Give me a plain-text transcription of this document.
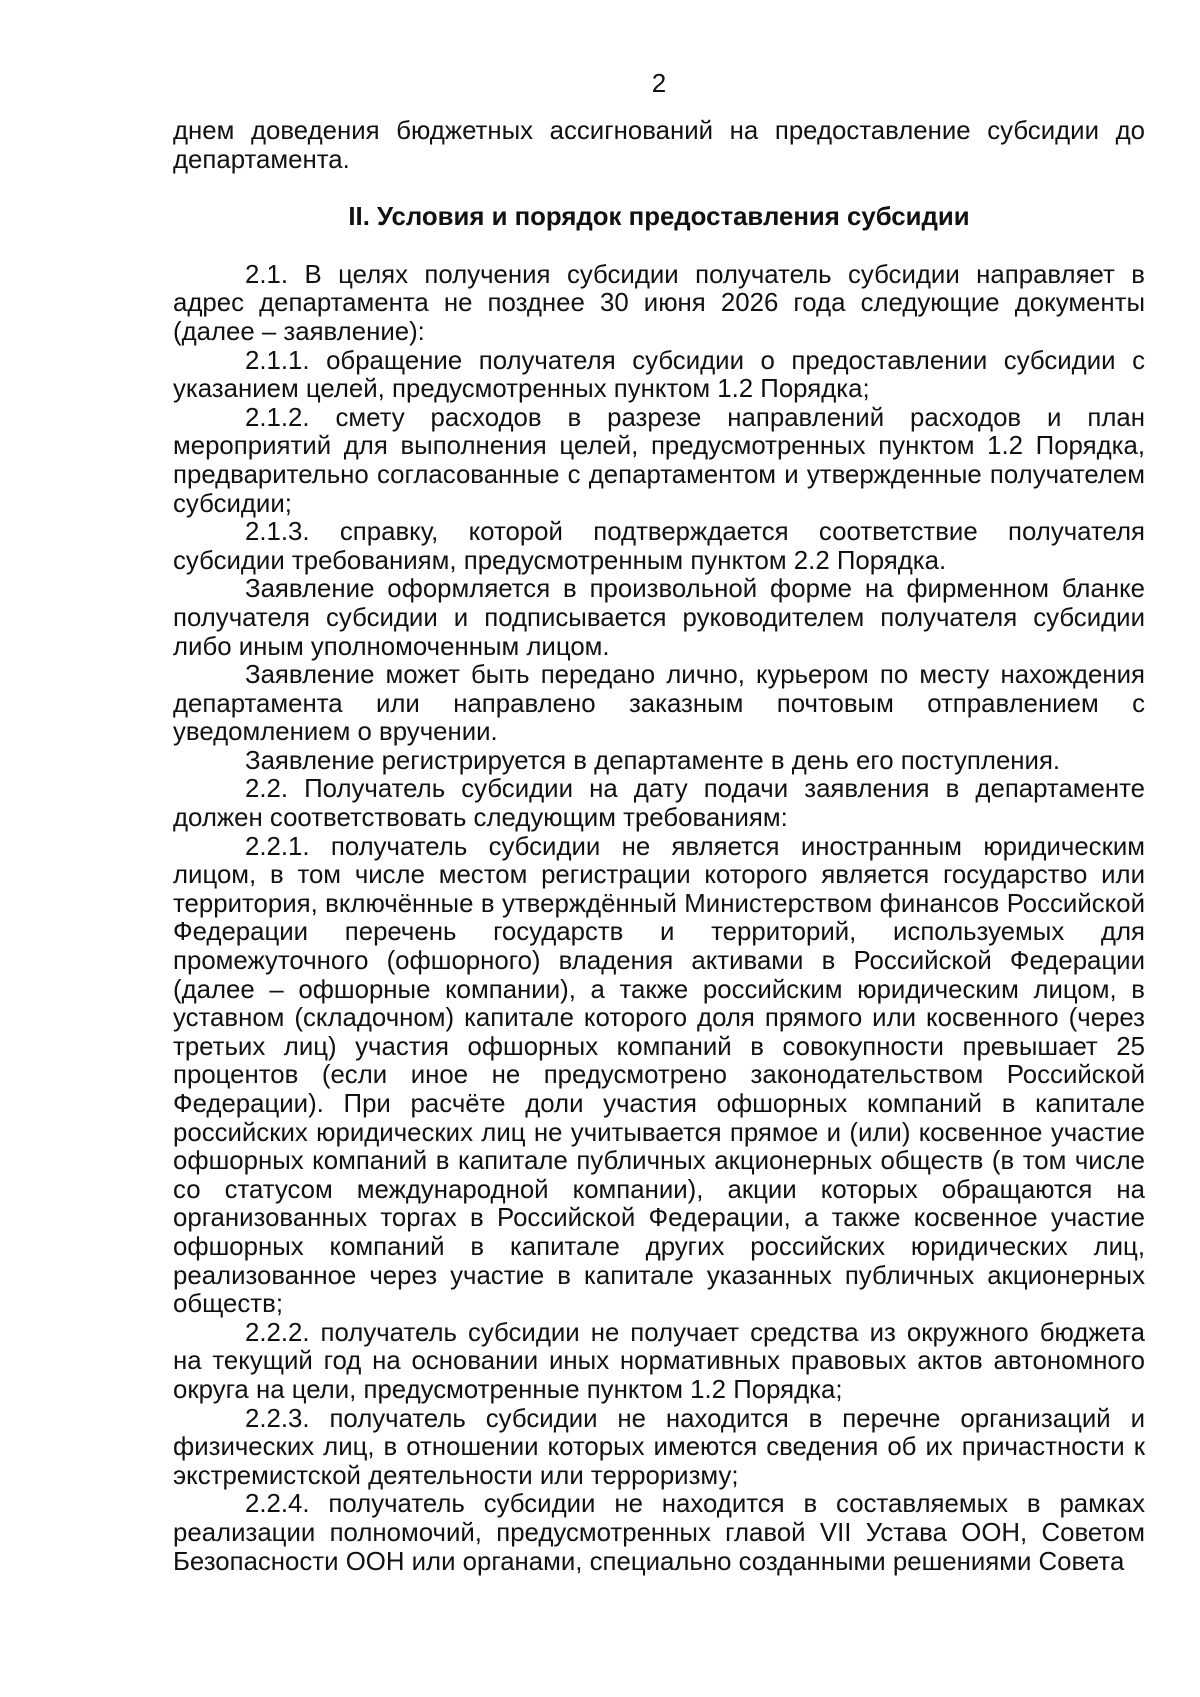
2

днем доведения бюджетных ассигнований на предоставление субсидии до департамента.

II. Условия и порядок предоставления субсидии

2.1. В целях получения субсидии получатель субсидии направляет в адрес департамента не позднее 30 июня 2026 года следующие документы (далее – заявление):

2.1.1. обращение получателя субсидии о предоставлении субсидии с указанием целей, предусмотренных пунктом 1.2 Порядка;

2.1.2. смету расходов в разрезе направлений расходов и план мероприятий для выполнения целей, предусмотренных пунктом 1.2 Порядка, предварительно согласованные с департаментом и утвержденные получателем субсидии;

2.1.3. справку, которой подтверждается соответствие получателя субсидии требованиям, предусмотренным пунктом 2.2 Порядка.

Заявление оформляется в произвольной форме на фирменном бланке получателя субсидии и подписывается руководителем получателя субсидии либо иным уполномоченным лицом.

Заявление может быть передано лично, курьером по месту нахождения департамента или направлено заказным почтовым отправлением с уведомлением о вручении.

Заявление регистрируется в департаменте в день его поступления.

2.2. Получатель субсидии на дату подачи заявления в департаменте должен соответствовать следующим требованиям:

2.2.1. получатель субсидии не является иностранным юридическим лицом, в том числе местом регистрации которого является государство или территория, включённые в утверждённый Министерством финансов Российской Федерации перечень государств и территорий, используемых для промежуточного (офшорного) владения активами в Российской Федерации (далее – офшорные компании), а также российским юридическим лицом, в уставном (складочном) капитале которого доля прямого или косвенного (через третьих лиц) участия офшорных компаний в совокупности превышает 25 процентов (если иное не предусмотрено законодательством Российской Федерации). При расчёте доли участия офшорных компаний в капитале российских юридических лиц не учитывается прямое и (или) косвенное участие офшорных компаний в капитале публичных акционерных обществ (в том числе со статусом международной компании), акции которых обращаются на организованных торгах в Российской Федерации, а также косвенное участие офшорных компаний в капитале других российских юридических лиц, реализованное через участие в капитале указанных публичных акционерных обществ;

2.2.2. получатель субсидии не получает средства из окружного бюджета на текущий год на основании иных нормативных правовых актов автономного округа на цели, предусмотренные пунктом 1.2 Порядка;

2.2.3. получатель субсидии не находится в перечне организаций и физических лиц, в отношении которых имеются сведения об их причастности к экстремистской деятельности или терроризму;

2.2.4. получатель субсидии не находится в составляемых в рамках реализации полномочий, предусмотренных главой VII Устава ООН, Советом Безопасности ООН или органами, специально созданными решениями Совета
